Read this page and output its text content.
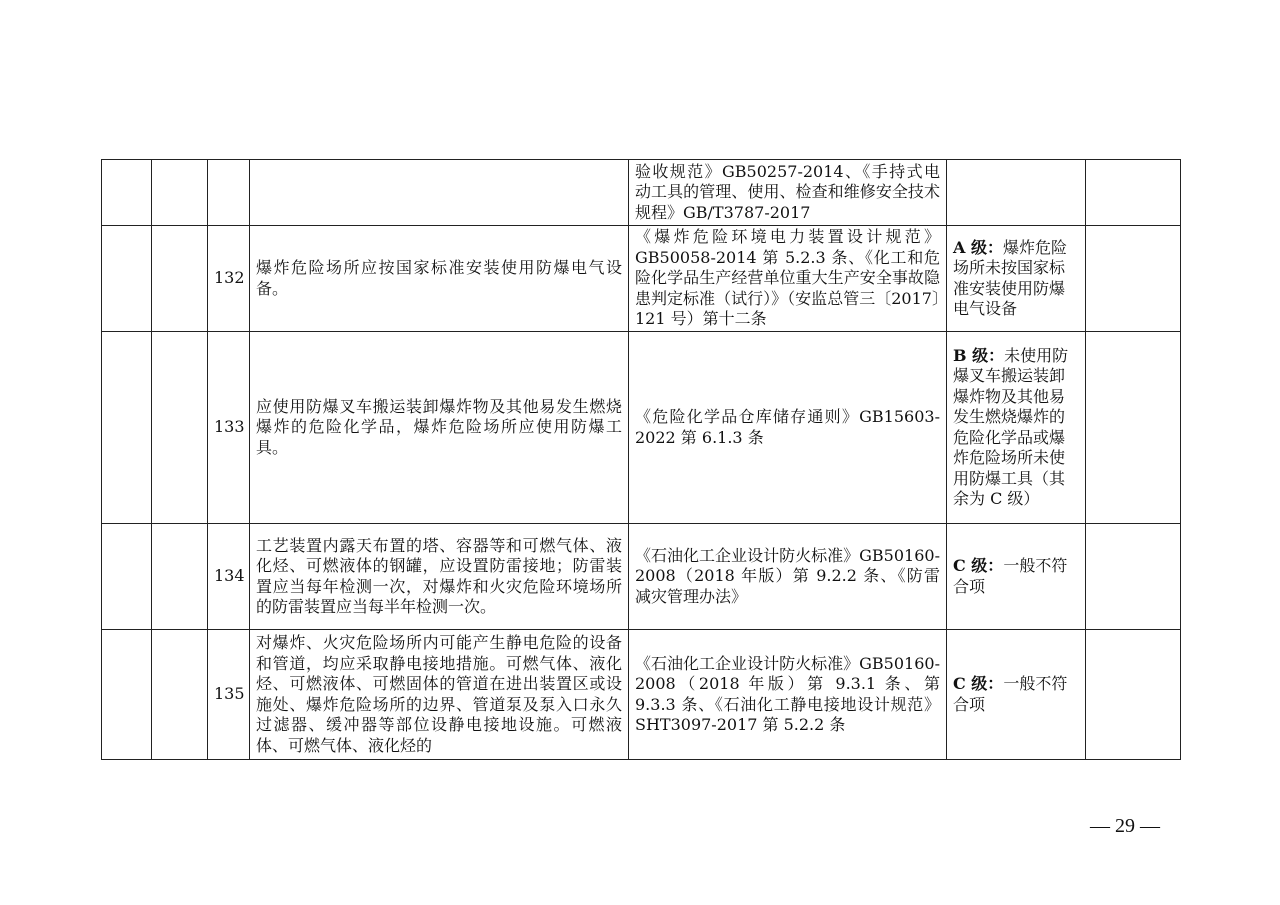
				验收规范》GB50257-2014、《手持式电动工具的管理、使用、检查和维修安全技术规程》GB/T3787-2017		
		132	爆炸危险场所应按国家标准安装使用防爆电气设备。	《爆炸危险环境电力装置设计规范》GB50058-2014 第 5.2.3 条、《化工和危险化学品生产经营单位重大生产安全事故隐患判定标准（试行）》（安监总管三〔2017〕121 号）第十二条	A 级：爆炸危险场所未按国家标准安装使用防爆电气设备	
		133	应使用防爆叉车搬运装卸爆炸物及其他易发生燃烧爆炸的危险化学品，爆炸危险场所应使用防爆工具。	《危险化学品仓库储存通则》GB15603-2022 第 6.1.3 条	B 级：未使用防爆叉车搬运装卸爆炸物及其他易发生燃烧爆炸的危险化学品或爆炸危险场所未使用防爆工具（其余为 C 级）	
		134	工艺装置内露天布置的塔、容器等和可燃气体、液化烃、可燃液体的钢罐，应设置防雷接地；防雷装置应当每年检测一次，对爆炸和火灾危险环境场所的防雷装置应当每半年检测一次。	《石油化工企业设计防火标准》GB50160-2008（2018 年版）第 9.2.2 条、《防雷减灾管理办法》	C 级：一般不符合项	
		135	对爆炸、火灾危险场所内可能产生静电危险的设备和管道，均应采取静电接地措施。可燃气体、液化烃、可燃液体、可燃固体的管道在进出装置区或设施处、爆炸危险场所的边界、管道泵及泵入口永久过滤器、缓冲器等部位设静电接地设施。可燃液体、可燃气体、液化烃的	《石油化工企业设计防火标准》GB50160-2008（2018 年版）第 9.3.1 条、第 9.3.3 条、《石油化工静电接地设计规范》SHT3097-2017 第 5.2.2 条	C 级：一般不符合项	
— 29 —
